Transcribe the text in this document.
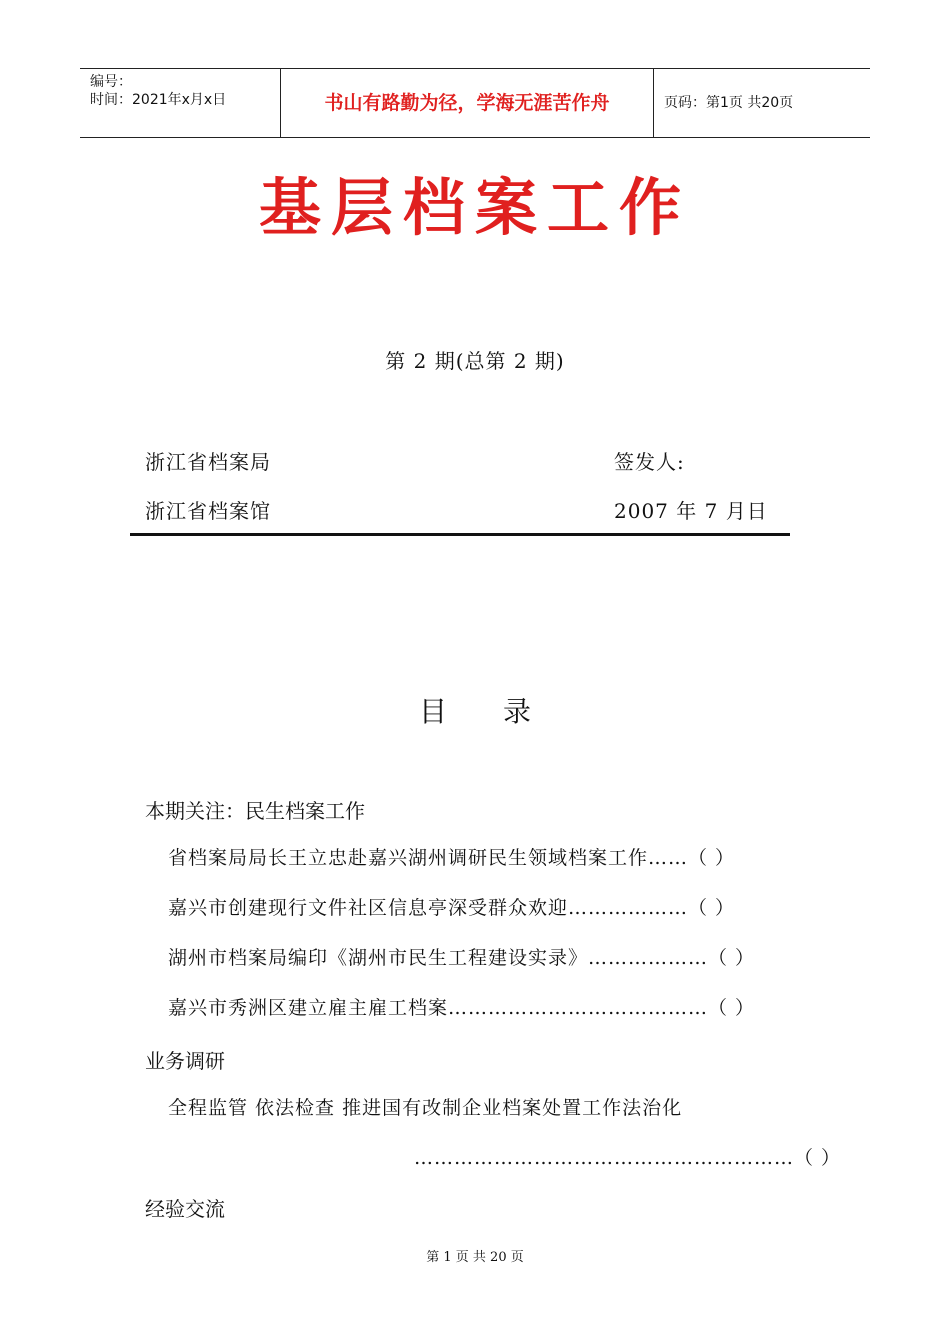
编号：
时间：2021年x月x日	书山有路勤为径，学海无涯苦作舟	页码：第1页 共20页
基层档案工作
第 2 期(总第 2 期)
浙江省档案局	签发人:
浙江省档案馆	2007 年 7 月日
目 录
本期关注：民生档案工作
省档案局局长王立忠赴嘉兴湖州调研民生领域档案工作……（ ）
嘉兴市创建现行文件社区信息亭深受群众欢迎………………（ ）
湖州市档案局编印《湖州市民生工程建设实录》………………（ ）
嘉兴市秀洲区建立雇主雇工档案…………………………………（ ）
业务调研
全程监管 依法检查 推进国有改制企业档案处置工作法治化
…………………………………………………（ ）
经验交流
第 1 页 共 20 页
